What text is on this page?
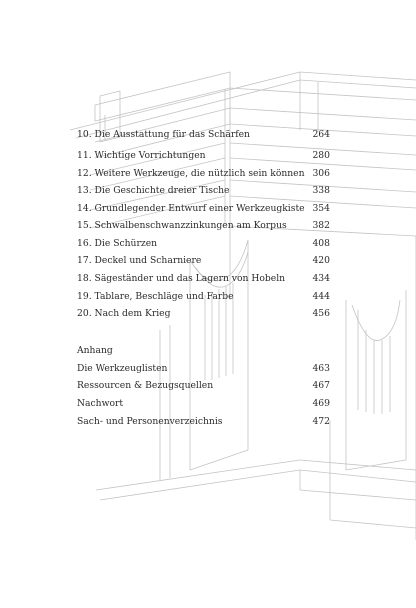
10. Die Ausstattung für das Schärfen	264
11. Wichtige Vorrichtungen	280
12. Weitere Werkzeuge, die nützlich sein können 306
13. Die Geschichte dreier Tische	338
14. Grundlegender Entwurf einer Werkzeugkiste 354
15. Schwalbenschwanzzinkungen am Korpus	382
16. Die Schürzen	408
17. Deckel und Scharniere	420
18. Sägeständer und das Lagern von Hobeln	434
19. Tablare, Beschläge und Farbe	444
20. Nach dem Krieg	456
Anhang
Die Werkzeuglisten	463
Ressourcen & Bezugsquellen	467
Nachwort	469
Sach- und Personenverzeichnis	472
